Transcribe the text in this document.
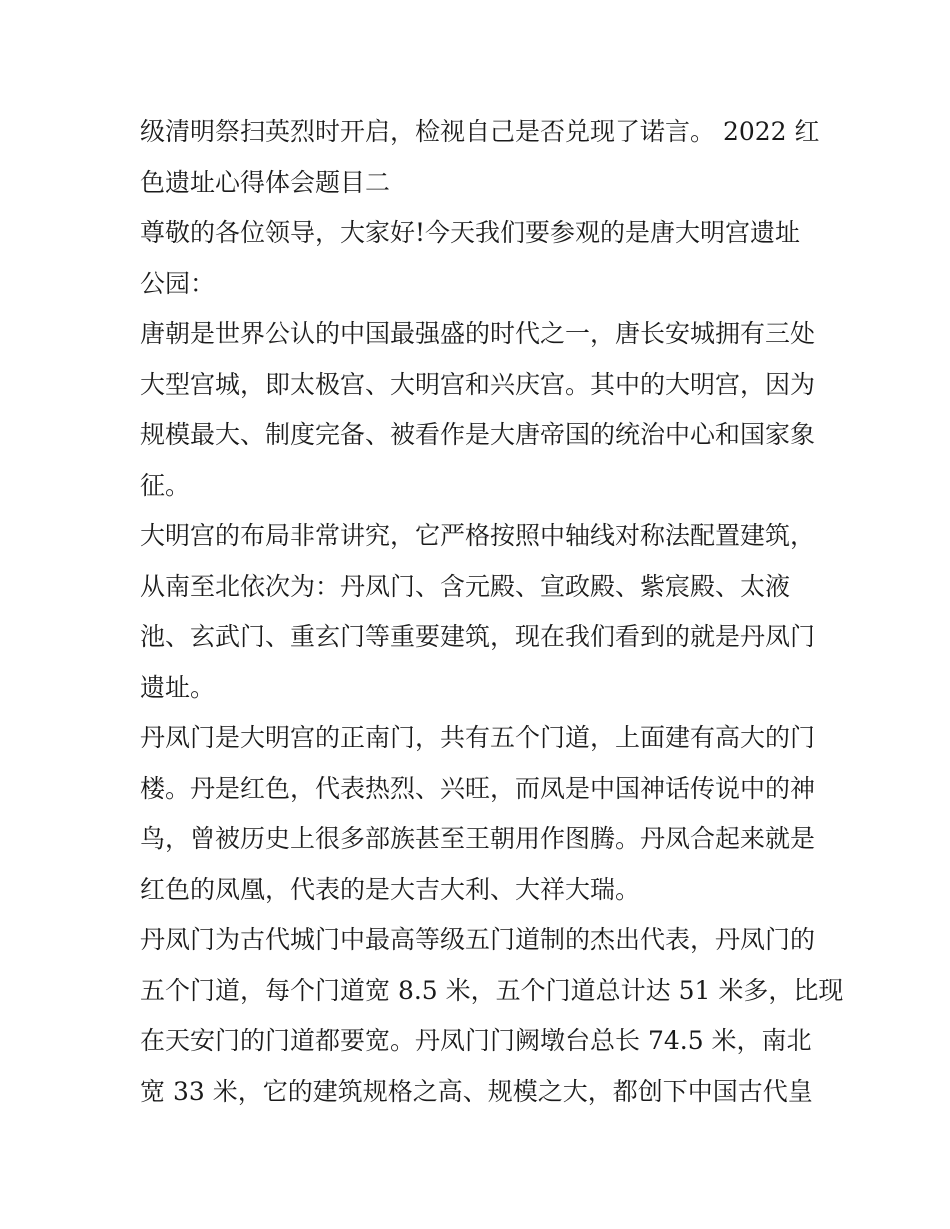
级清明祭扫英烈时开启，检视自己是否兑现了诺言。 2022 红
色遗址心得体会题目二
尊敬的各位领导，大家好!今天我们要参观的是唐大明宫遗址
公园：
唐朝是世界公认的中国最强盛的时代之一，唐长安城拥有三处
大型宫城，即太极宫、大明宫和兴庆宫。其中的大明宫，因为
规模最大、制度完备、被看作是大唐帝国的统治中心和国家象
征。
大明宫的布局非常讲究，它严格按照中轴线对称法配置建筑，
从南至北依次为：丹凤门、含元殿、宣政殿、紫宸殿、太液
池、玄武门、重玄门等重要建筑，现在我们看到的就是丹凤门
遗址。
丹凤门是大明宫的正南门，共有五个门道，上面建有高大的门
楼。丹是红色，代表热烈、兴旺，而凤是中国神话传说中的神
鸟，曾被历史上很多部族甚至王朝用作图腾。丹凤合起来就是
红色的凤凰，代表的是大吉大利、大祥大瑞。
丹凤门为古代城门中最高等级五门道制的杰出代表，丹凤门的
五个门道，每个门道宽 8.5 米，五个门道总计达 51 米多，比现
在天安门的门道都要宽。丹凤门门阙墩台总长 74.5 米，南北
宽 33 米，它的建筑规格之高、规模之大，都创下中国古代皇
